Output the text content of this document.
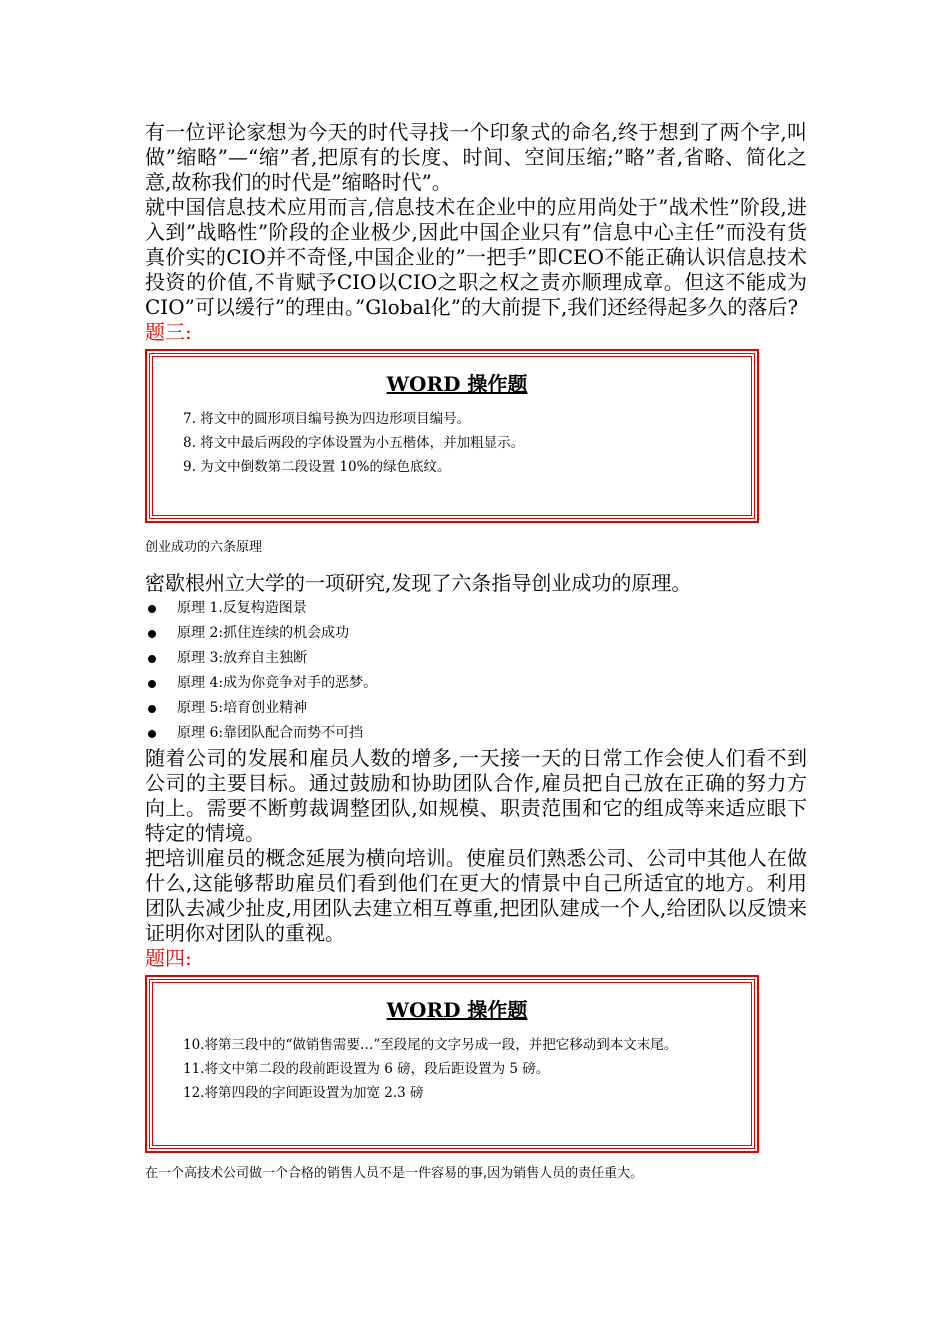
有一位评论家想为今天的时代寻找一个印象式的命名,终于想到了两个字,叫做”缩略”—“缩”者,把原有的长度、时间、空间压缩;”略”者,省略、简化之意,故称我们的时代是”缩略时代”。

就中国信息技术应用而言,信息技术在企业中的应用尚处于”战术性”阶段,进入到”战略性”阶段的企业极少,因此中国企业只有”信息中心主任”而没有货真价实的CIO并不奇怪,中国企业的”一把手”即CEO不能正确认识信息技术投资的价值,不肯赋予CIO以CIO之职之权之责亦顺理成章。但这不能成为CIO”可以缓行”的理由。”Global化”的大前提下,我们还经得起多久的落后?

题三:

WORD 操作题

7. 将文中的圆形项目编号换为四边形项目编号。

8. 将文中最后两段的字体设置为小五楷体，并加粗显示。

9. 为文中倒数第二段设置 10%的绿色底纹。

创业成功的六条原理

密歇根州立大学的一项研究,发现了六条指导创业成功的原理。

原理 1.反复构造图景
原理 2:抓住连续的机会成功
原理 3:放弃自主独断
原理 4:成为你竞争对手的恶梦。
原理 5:培育创业精神
原理 6:靠团队配合而势不可挡

随着公司的发展和雇员人数的增多,一天接一天的日常工作会使人们看不到公司的主要目标。通过鼓励和协助团队合作,雇员把自己放在正确的努力方向上。需要不断剪裁调整团队,如规模、职责范围和它的组成等来适应眼下特定的情境。

把培训雇员的概念延展为横向培训。使雇员们熟悉公司、公司中其他人在做什么,这能够帮助雇员们看到他们在更大的情景中自己所适宜的地方。利用团队去减少扯皮,用团队去建立相互尊重,把团队建成一个人,给团队以反馈来证明你对团队的重视。

题四:

WORD 操作题

10.将第三段中的“做销售需要…”至段尾的文字另成一段，并把它移动到本文末尾。

11.将文中第二段的段前距设置为 6 磅，段后距设置为 5 磅。

12.将第四段的字间距设置为加宽 2.3 磅

在一个高技术公司做一个合格的销售人员不是一件容易的事,因为销售人员的责任重大。
